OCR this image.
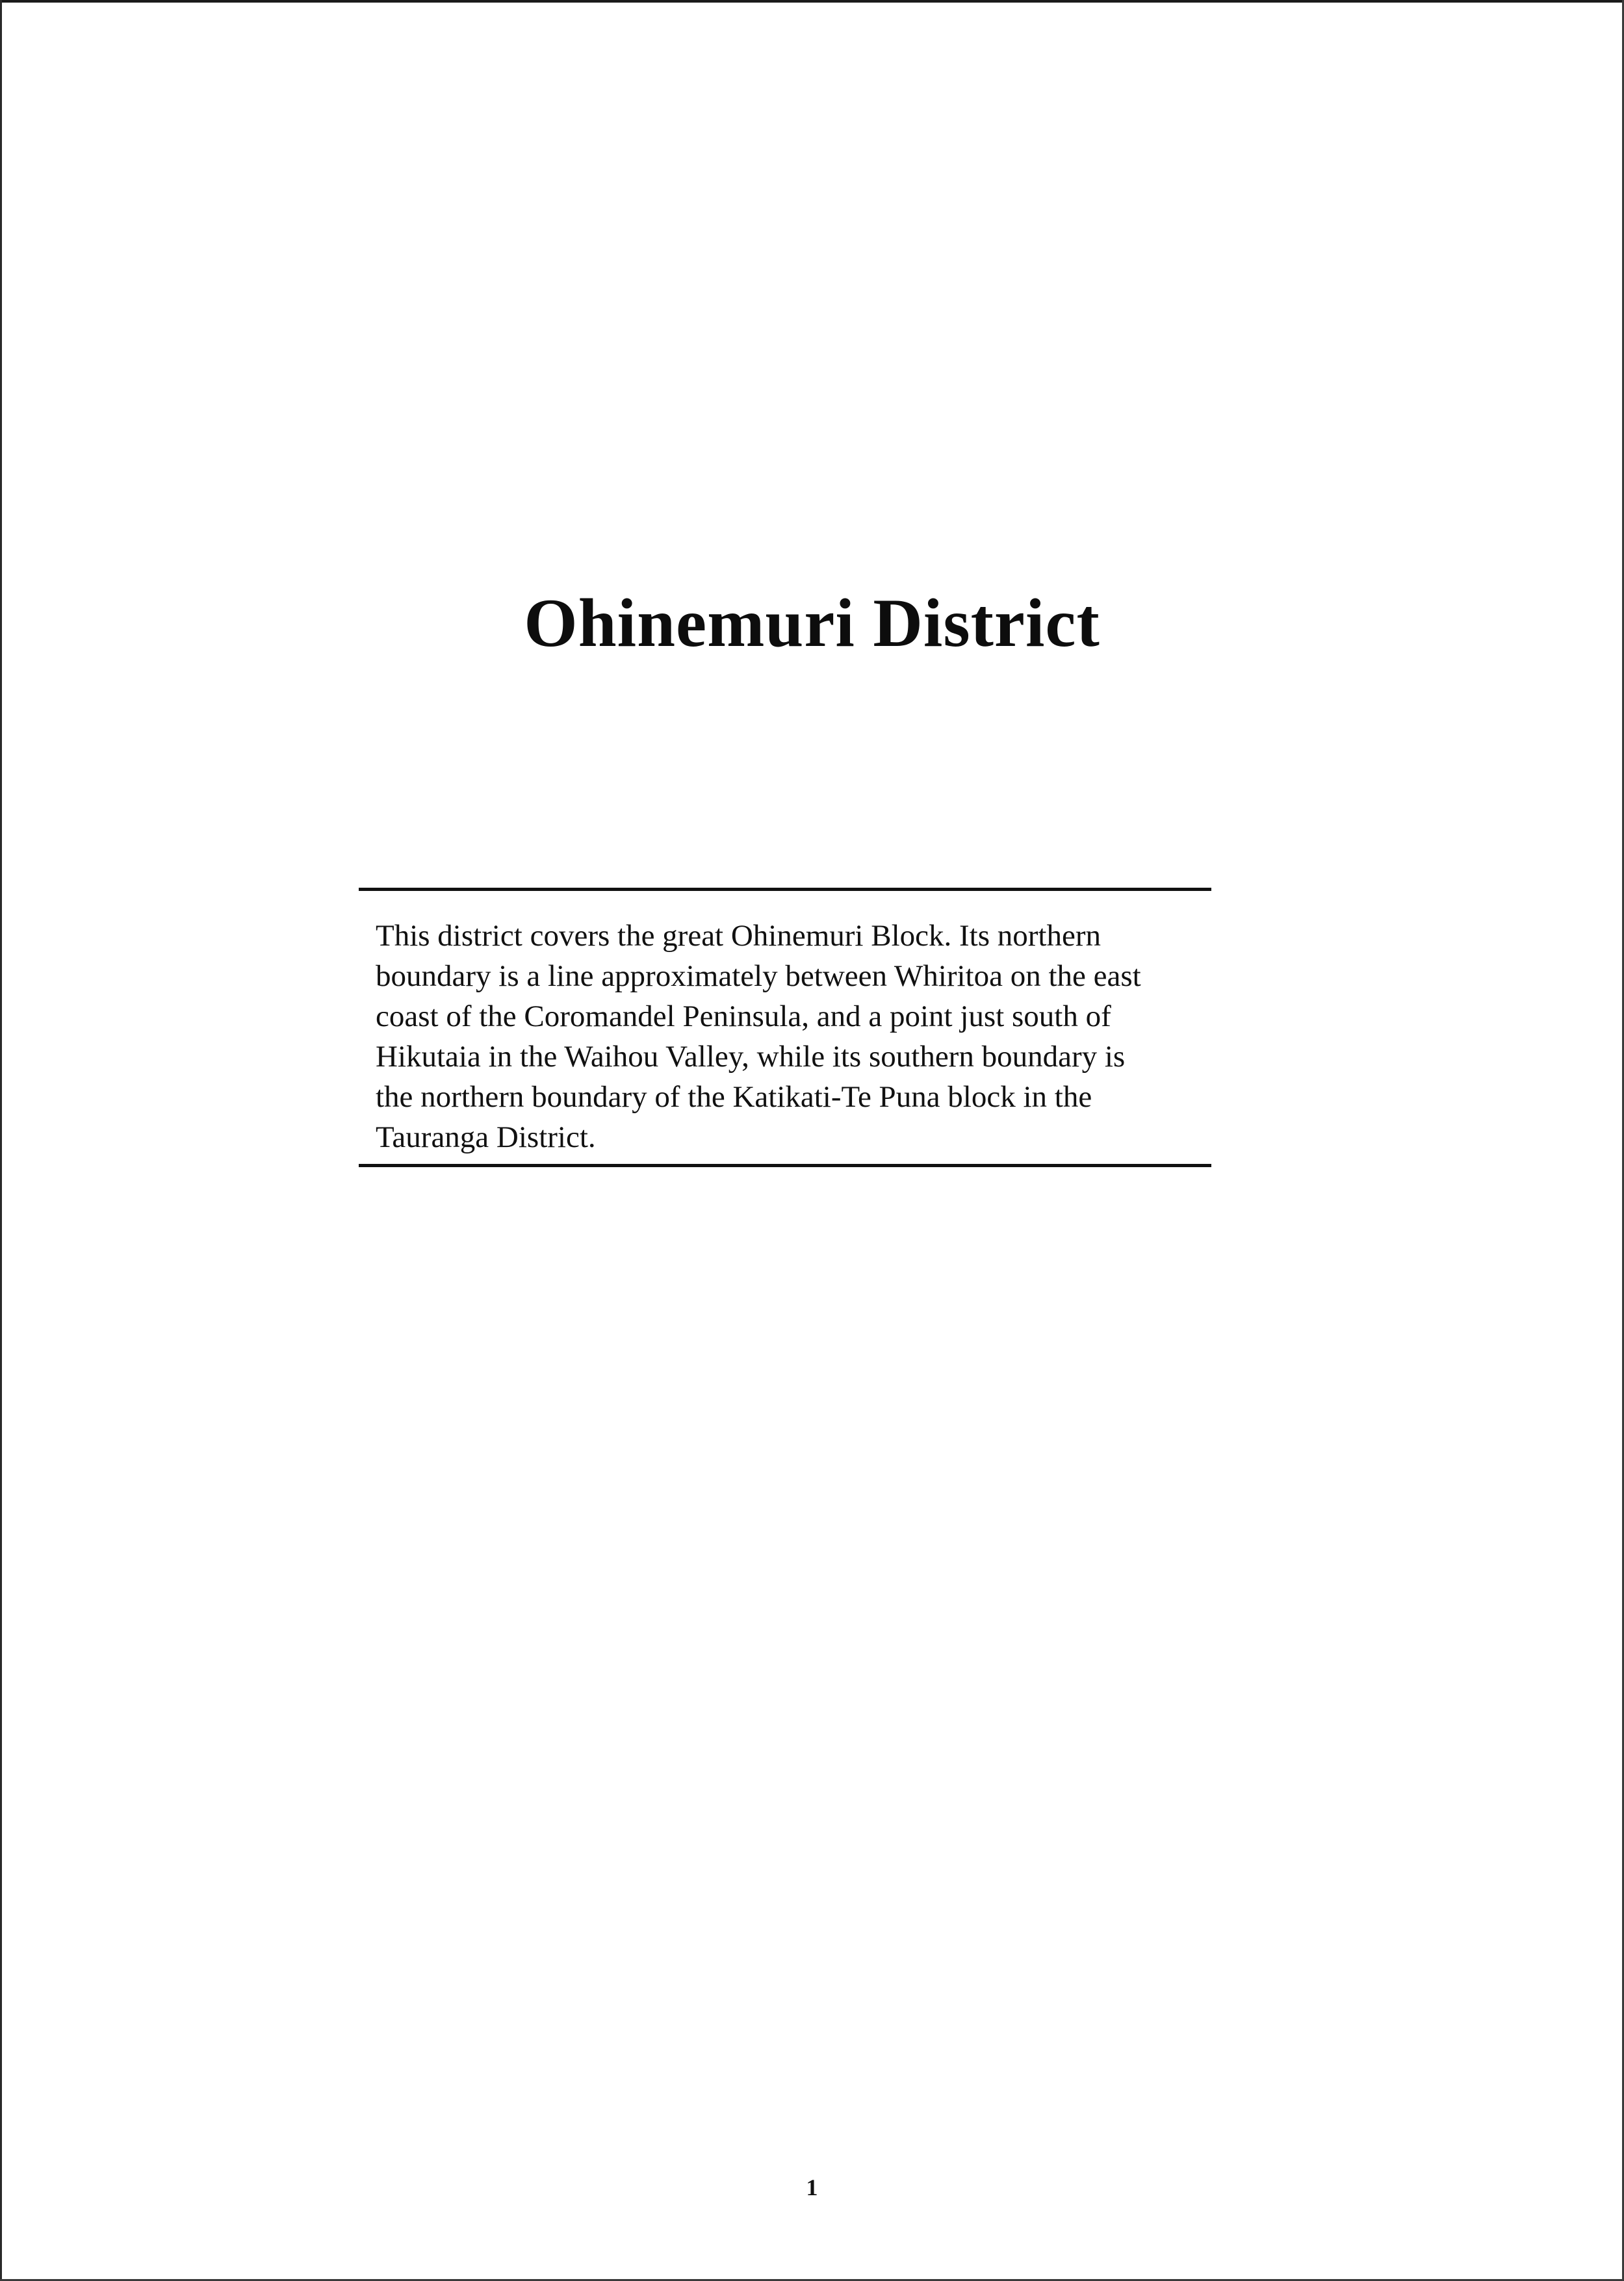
Ohinemuri District
This district covers the great Ohinemuri Block. Its northern
boundary is a line approximately between Whiritoa on the east
coast of the Coromandel Peninsula, and a point just south of
Hikutaia in the Waihou Valley, while its southern boundary is
the northern boundary of the Katikati-Te Puna block in the
Tauranga District.
1
